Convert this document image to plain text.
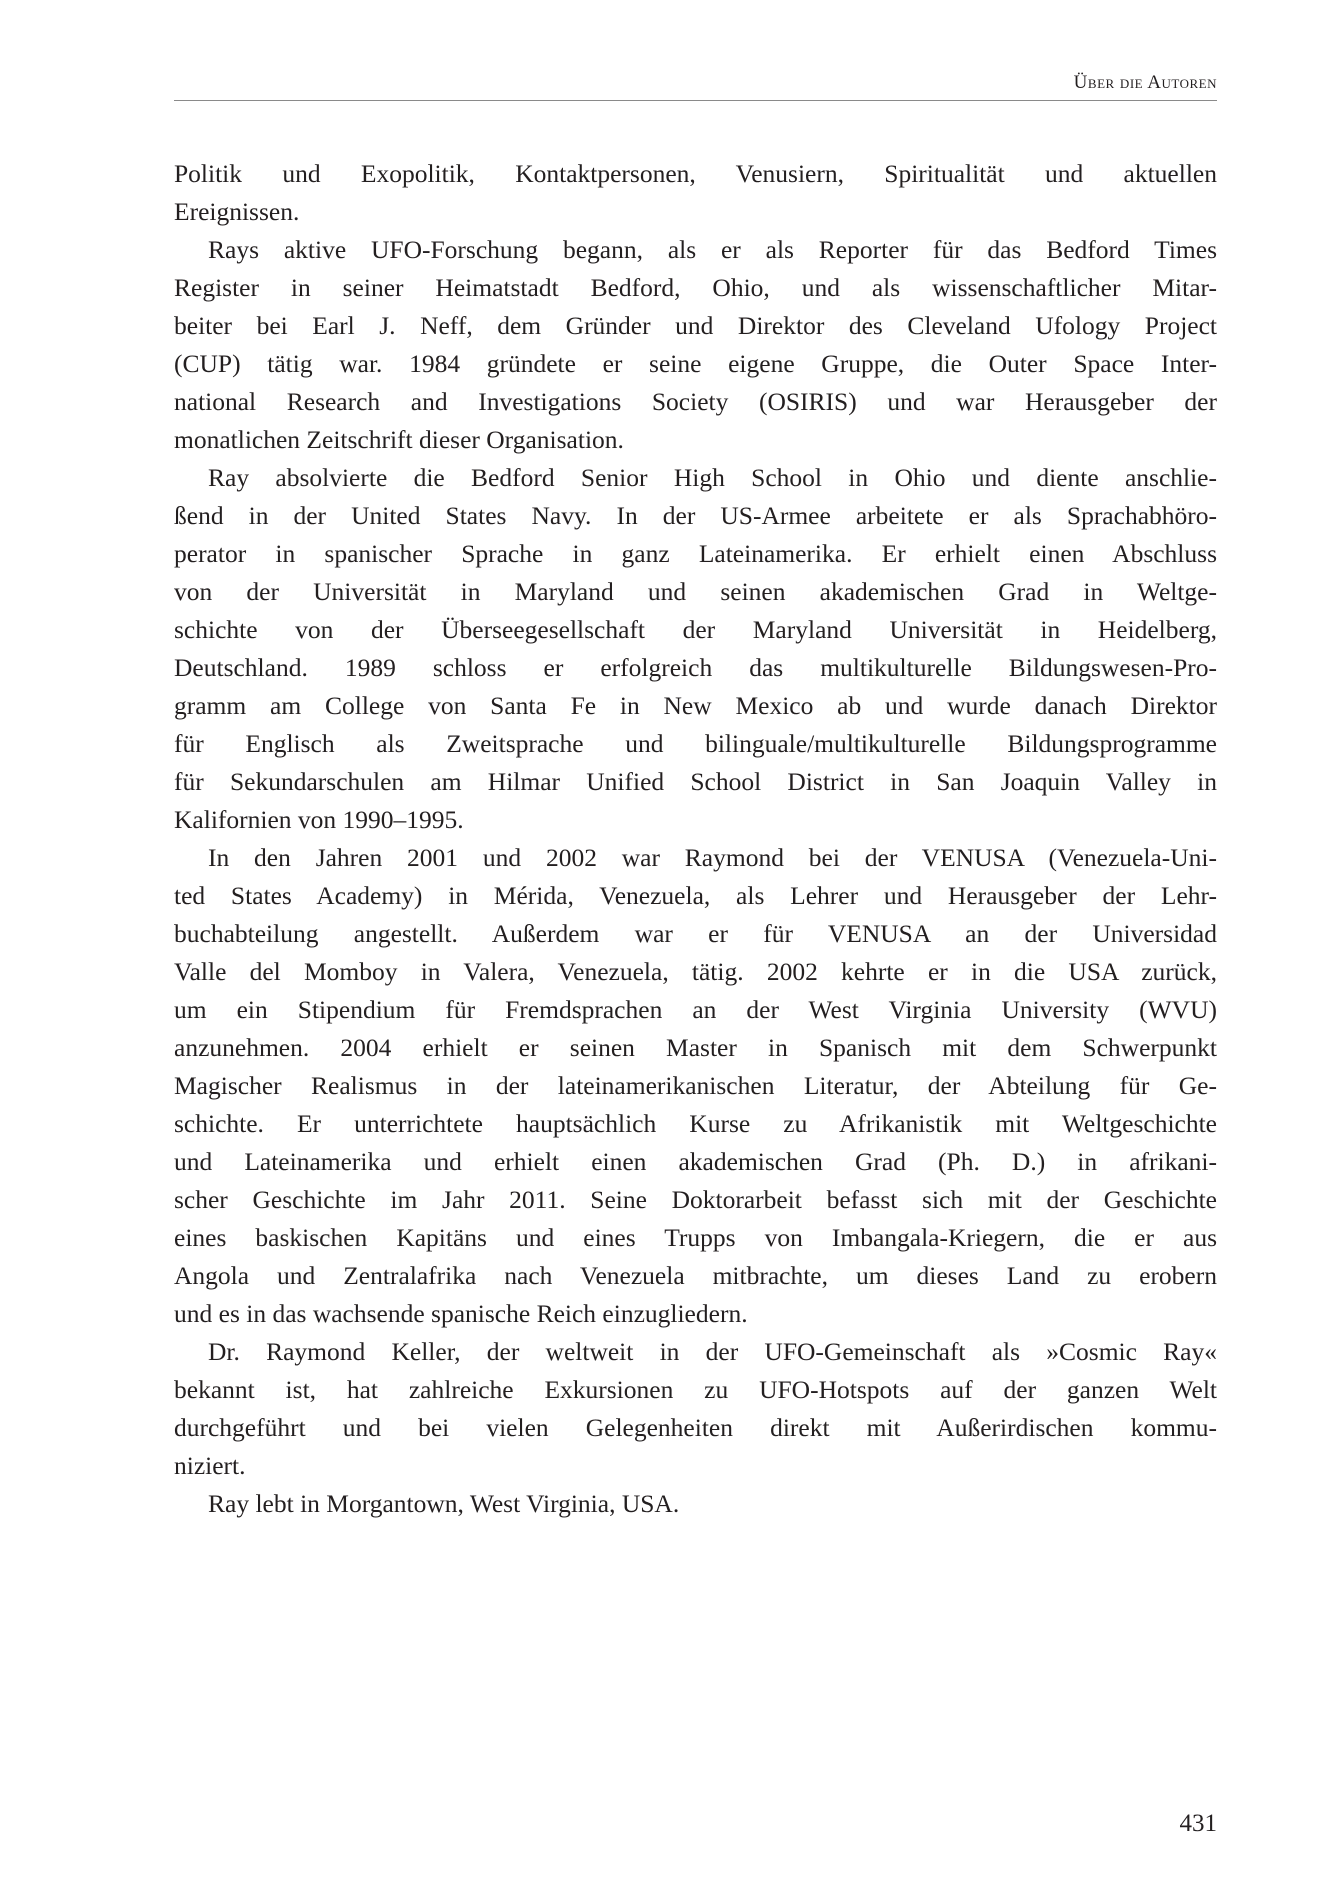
Über die Autoren
Politik und Exopolitik, Kontaktpersonen, Venusiern, Spiritualität und aktuellen
Ereignissen.
Rays aktive UFO-Forschung begann, als er als Reporter für das Bedford Times
Register in seiner Heimatstadt Bedford, Ohio, und als wissenschaftlicher Mitar-
beiter bei Earl J. Neff, dem Gründer und Direktor des Cleveland Ufology Project
(CUP) tätig war. 1984 gründete er seine eigene Gruppe, die Outer Space Inter-
national Research and Investigations Society (OSIRIS) und war Herausgeber der
monatlichen Zeitschrift dieser Organisation.
Ray absolvierte die Bedford Senior High School in Ohio und diente anschlie-
ßend in der United States Navy. In der US-Armee arbeitete er als Sprachabhöro-
perator in spanischer Sprache in ganz Lateinamerika. Er erhielt einen Abschluss
von der Universität in Maryland und seinen akademischen Grad in Weltge-
schichte von der Überseegesellschaft der Maryland Universität in Heidelberg,
Deutschland. 1989 schloss er erfolgreich das multikulturelle Bildungswesen-Pro-
gramm am College von Santa Fe in New Mexico ab und wurde danach Direktor
für Englisch als Zweitsprache und bilinguale/multikulturelle Bildungsprogramme
für Sekundarschulen am Hilmar Unified School District in San Joaquin Valley in
Kalifornien von 1990–1995.
In den Jahren 2001 und 2002 war Raymond bei der VENUSA (Venezuela-Uni-
ted States Academy) in Mérida, Venezuela, als Lehrer und Herausgeber der Lehr-
buchabteilung angestellt. Außerdem war er für VENUSA an der Universidad
Valle del Momboy in Valera, Venezuela, tätig. 2002 kehrte er in die USA zurück,
um ein Stipendium für Fremdsprachen an der West Virginia University (WVU)
anzunehmen. 2004 erhielt er seinen Master in Spanisch mit dem Schwerpunkt
Magischer Realismus in der lateinamerikanischen Literatur, der Abteilung für Ge-
schichte. Er unterrichtete hauptsächlich Kurse zu Afrikanistik mit Weltgeschichte
und Lateinamerika und erhielt einen akademischen Grad (Ph. D.) in afrikani-
scher Geschichte im Jahr 2011. Seine Doktorarbeit befasst sich mit der Geschichte
eines baskischen Kapitäns und eines Trupps von Imbangala-Kriegern, die er aus
Angola und Zentralafrika nach Venezuela mitbrachte, um dieses Land zu erobern
und es in das wachsende spanische Reich einzugliedern.
Dr. Raymond Keller, der weltweit in der UFO-Gemeinschaft als »Cosmic Ray«
bekannt ist, hat zahlreiche Exkursionen zu UFO-Hotspots auf der ganzen Welt
durchgeführt und bei vielen Gelegenheiten direkt mit Außerirdischen kommu-
niziert.
Ray lebt in Morgantown, West Virginia, USA.
431
